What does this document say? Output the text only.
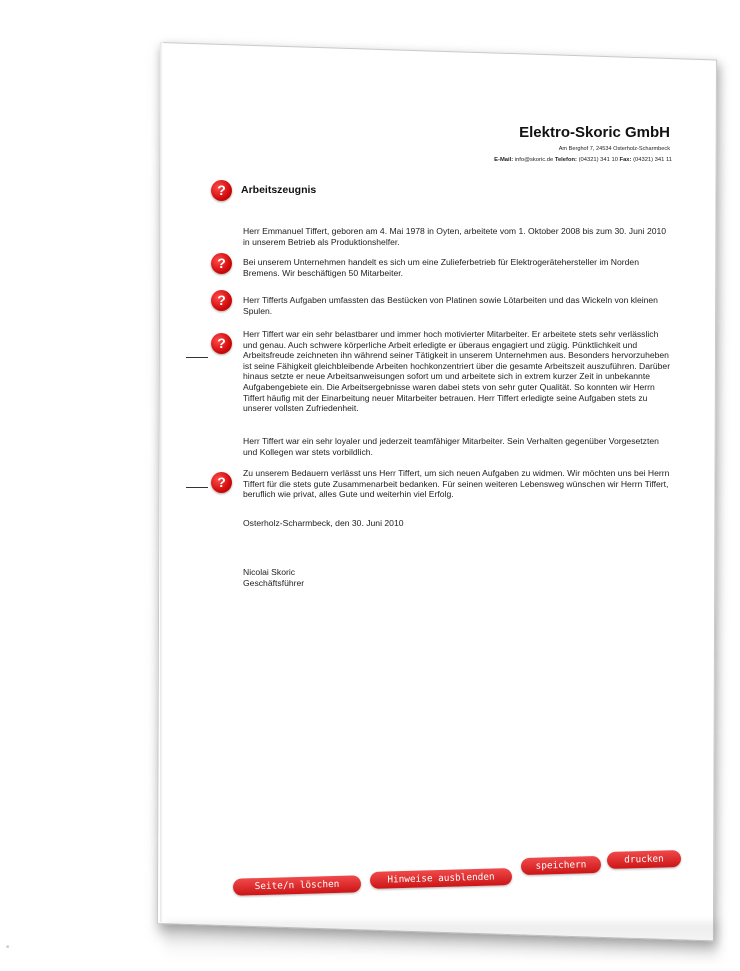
Elektro-Skoric GmbH
Am Berghof 7, 24534 Osterholz-Scharmbeck
E-Mail: info@skoric.de Telefon: (04321) 341 10 Fax: (04321) 341 11
?	Arbeitszeugnis

Herr Emmanuel Tiffert, geboren am 4. Mai 1978 in Oyten, arbeitete vom 1. Oktober 2008 bis zum 30. Juni 2010 in unserem Betrieb als Produktionshelfer.

?	Bei unserem Unternehmen handelt es sich um eine Zulieferbetrieb für Elektrogerätehersteller im Norden Bremens. Wir beschäftigen 50 Mitarbeiter.

?	Herr Tifferts Aufgaben umfassten das Bestücken von Platinen sowie Lötarbeiten und das Wickeln von kleinen Spulen.

?

Herr Tiffert war ein sehr belastbarer und immer hoch motivierter Mitarbeiter. Er arbeitete stets sehr verlässlich und genau. Auch schwere körperliche Arbeit erledigte er überaus engagiert und zügig. Pünktlichkeit und Arbeitsfreude zeichneten ihn während seiner Tätigkeit in unserem Unternehmen aus. Besonders hervorzuheben ist seine Fähigkeit gleichbleibende Arbeiten hochkonzentriert über die gesamte Arbeitszeit auszuführen. Darüber hinaus setzte er neue Arbeitsanweisungen sofort um und arbeitete sich in extrem kurzer Zeit in unbekannte Aufgabengebiete ein. Die Arbeitsergebnisse waren dabei stets von sehr guter Qualität. So konnten wir Herrn Tiffert häufig mit der Einarbeitung neuer Mitarbeiter betrauen. Herr Tiffert erledigte seine Aufgaben stets zu unserer vollsten Zufriedenheit.

Herr Tiffert war ein sehr loyaler und jederzeit teamfähiger Mitarbeiter. Sein Verhalten gegenüber Vorgesetzten und Kollegen war stets vorbildlich.

?

Zu unserem Bedauern verlässt uns Herr Tiffert, um sich neuen Aufgaben zu widmen. Wir möchten uns bei Herrn Tiffert für die stets gute Zusammenarbeit bedanken. Für seinen weiteren Lebensweg wünschen wir Herrn Tiffert, beruflich wie privat, alles Gute und weiterhin viel Erfolg.

Osterholz-Scharmbeck, den 30. Juni 2010

Nicolai Skoric

Geschäftsführer

Seite/n löschen
Hinweise ausblenden
speichern	drucken
■
